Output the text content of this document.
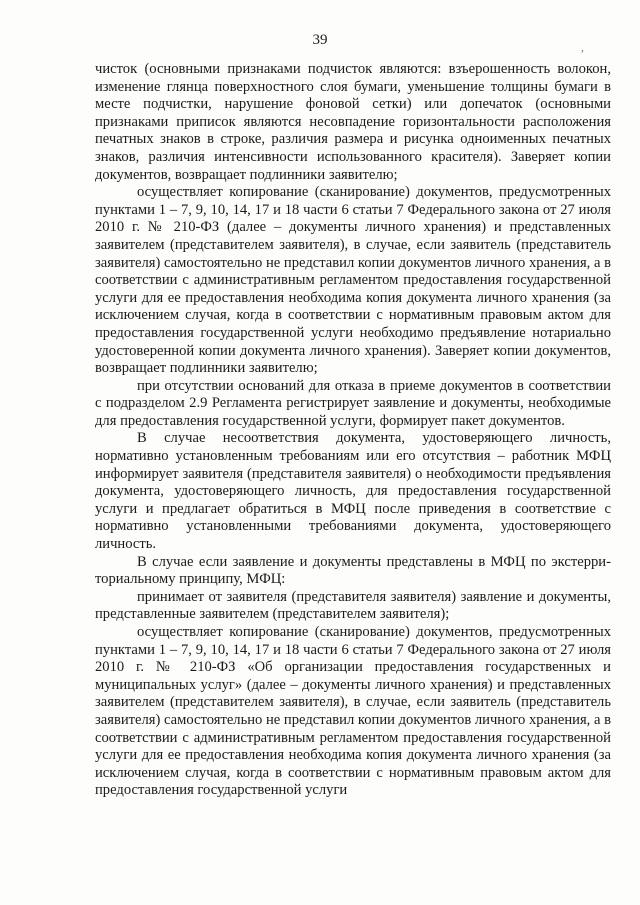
39	,

чисток (основными признаками подчисток являются: взъерошенность волокон, изменение глянца поверхностного слоя бумаги, уменьшение толщины бумаги в месте подчистки, нарушение фоновой сетки) или допечаток (основными признаками приписок являются несовпадение горизонтальности расположения печатных знаков в строке, различия размера и рисунка одноименных печатных знаков, различия интенсивности использованного красителя). Заверяет копии документов, возвращает подлинники заявителю;

осуществляет копирование (сканирование) документов, предусмотренных пунктами 1 – 7, 9, 10, 14, 17 и 18 части 6 статьи 7 Федерального закона от 27 июля 2010 г. № 210-ФЗ (далее – документы личного хранения) и представленных заявителем (представителем заявителя), в случае, если заявитель (представитель заявителя) самостоятельно не представил копии документов личного хранения, а в соответствии с административным регламентом предоставления государственной услуги для ее предоставления необходима копия документа личного хранения (за исключением случая, когда в соответствии с нормативным правовым актом для предоставления государственной услуги необходимо предъявление нотариально удостоверенной копии документа личного хранения). Заверяет копии документов, возвращает подлинники заявителю;

при отсутствии оснований для отказа в приеме документов в соответствии с подразделом 2.9 Регламента регистрирует заявление и документы, необходимые для предоставления государственной услуги, формирует пакет документов.

В случае несоответствия документа, удостоверяющего личность, нормативно установленным требованиям или его отсутствия – работник МФЦ информирует заявителя (представителя заявителя) о необходимости предъявления документа, удостоверяющего личность, для предоставления государственной услуги и предлагает обратиться в МФЦ после приведения в соответствие с нормативно установленными требованиями документа, удостоверяющего личность.

В случае если заявление и документы представлены в МФЦ по экстерриториальному принципу, МФЦ:

принимает от заявителя (представителя заявителя) заявление и документы, представленные заявителем (представителем заявителя);

осуществляет копирование (сканирование) документов, предусмотренных пунктами 1 – 7, 9, 10, 14, 17 и 18 части 6 статьи 7 Федерального закона от 27 июля 2010 г. № 210-ФЗ «Об организации предоставления государственных и муниципальных услуг» (далее – документы личного хранения) и представленных заявителем (представителем заявителя), в случае, если заявитель (представитель заявителя) самостоятельно не представил копии документов личного хранения, а в соответствии с административным регламентом предоставления государственной услуги для ее предоставления необходима копия документа личного хранения (за исключением случая, когда в соответствии с нормативным правовым актом для предоставления государственной услуги
